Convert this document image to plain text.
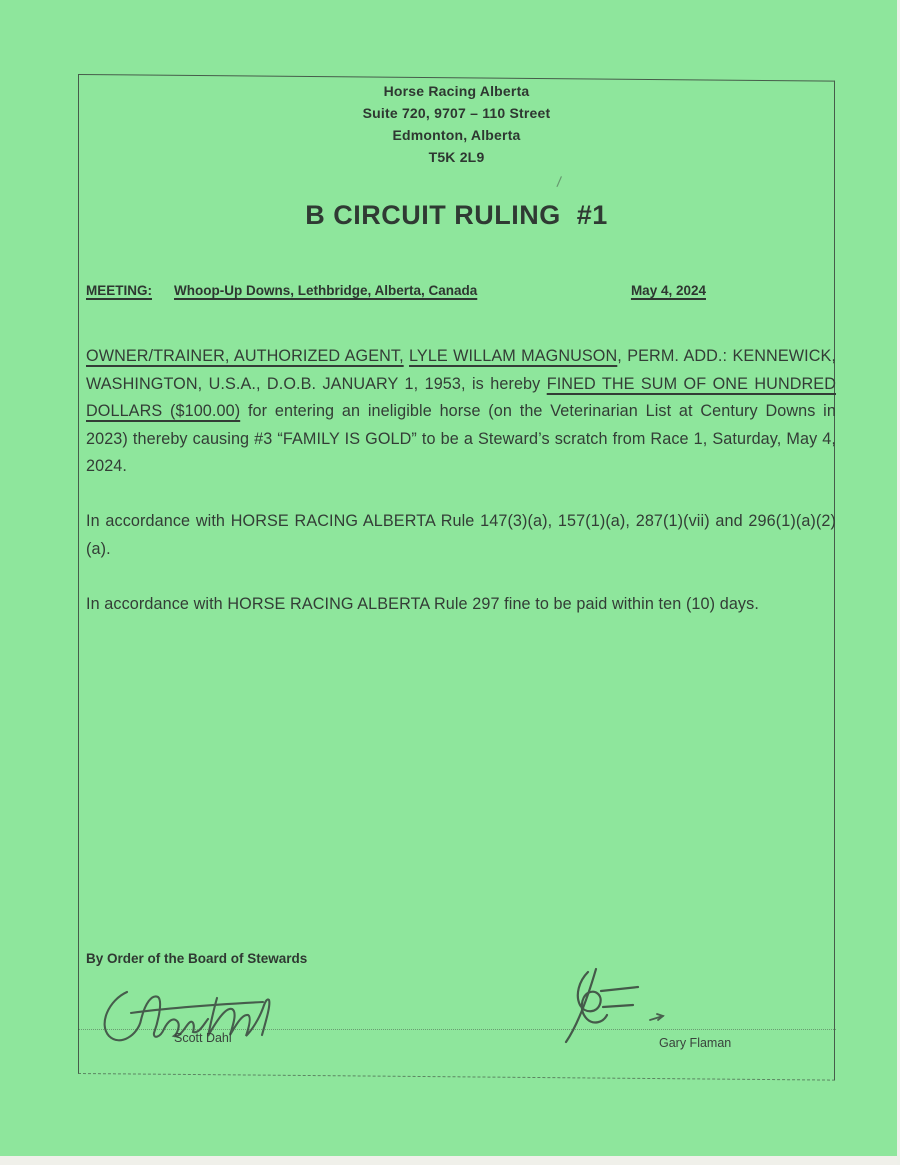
Horse Racing Alberta
Suite 720, 9707 – 110 Street
Edmonton, Alberta
T5K 2L9
/
B CIRCUIT RULING  #1
MEETING: Whoop-Up Downs, Lethbridge, Alberta, Canada	May 4, 2024

OWNER/TRAINER, AUTHORIZED AGENT, LYLE WILLAM MAGNUSON, PERM. ADD.: KENNEWICK, WASHINGTON, U.S.A., D.O.B. JANUARY 1, 1953, is hereby FINED THE SUM OF ONE HUNDRED DOLLARS ($100.00) for entering an ineligible horse (on the Veterinarian List at Century Downs in 2023) thereby causing #3 “FAMILY IS GOLD” to be a Steward’s scratch from Race 1, Saturday, May 4, 2024.

In accordance with HORSE RACING ALBERTA Rule 147(3)(a), 157(1)(a), 287(1)(vii) and 296(1)(a)(2)(a).

In accordance with HORSE RACING ALBERTA Rule 297 fine to be paid within ten (10) days.

By Order of the Board of Stewards
Scott Dahl	Gary Flaman
